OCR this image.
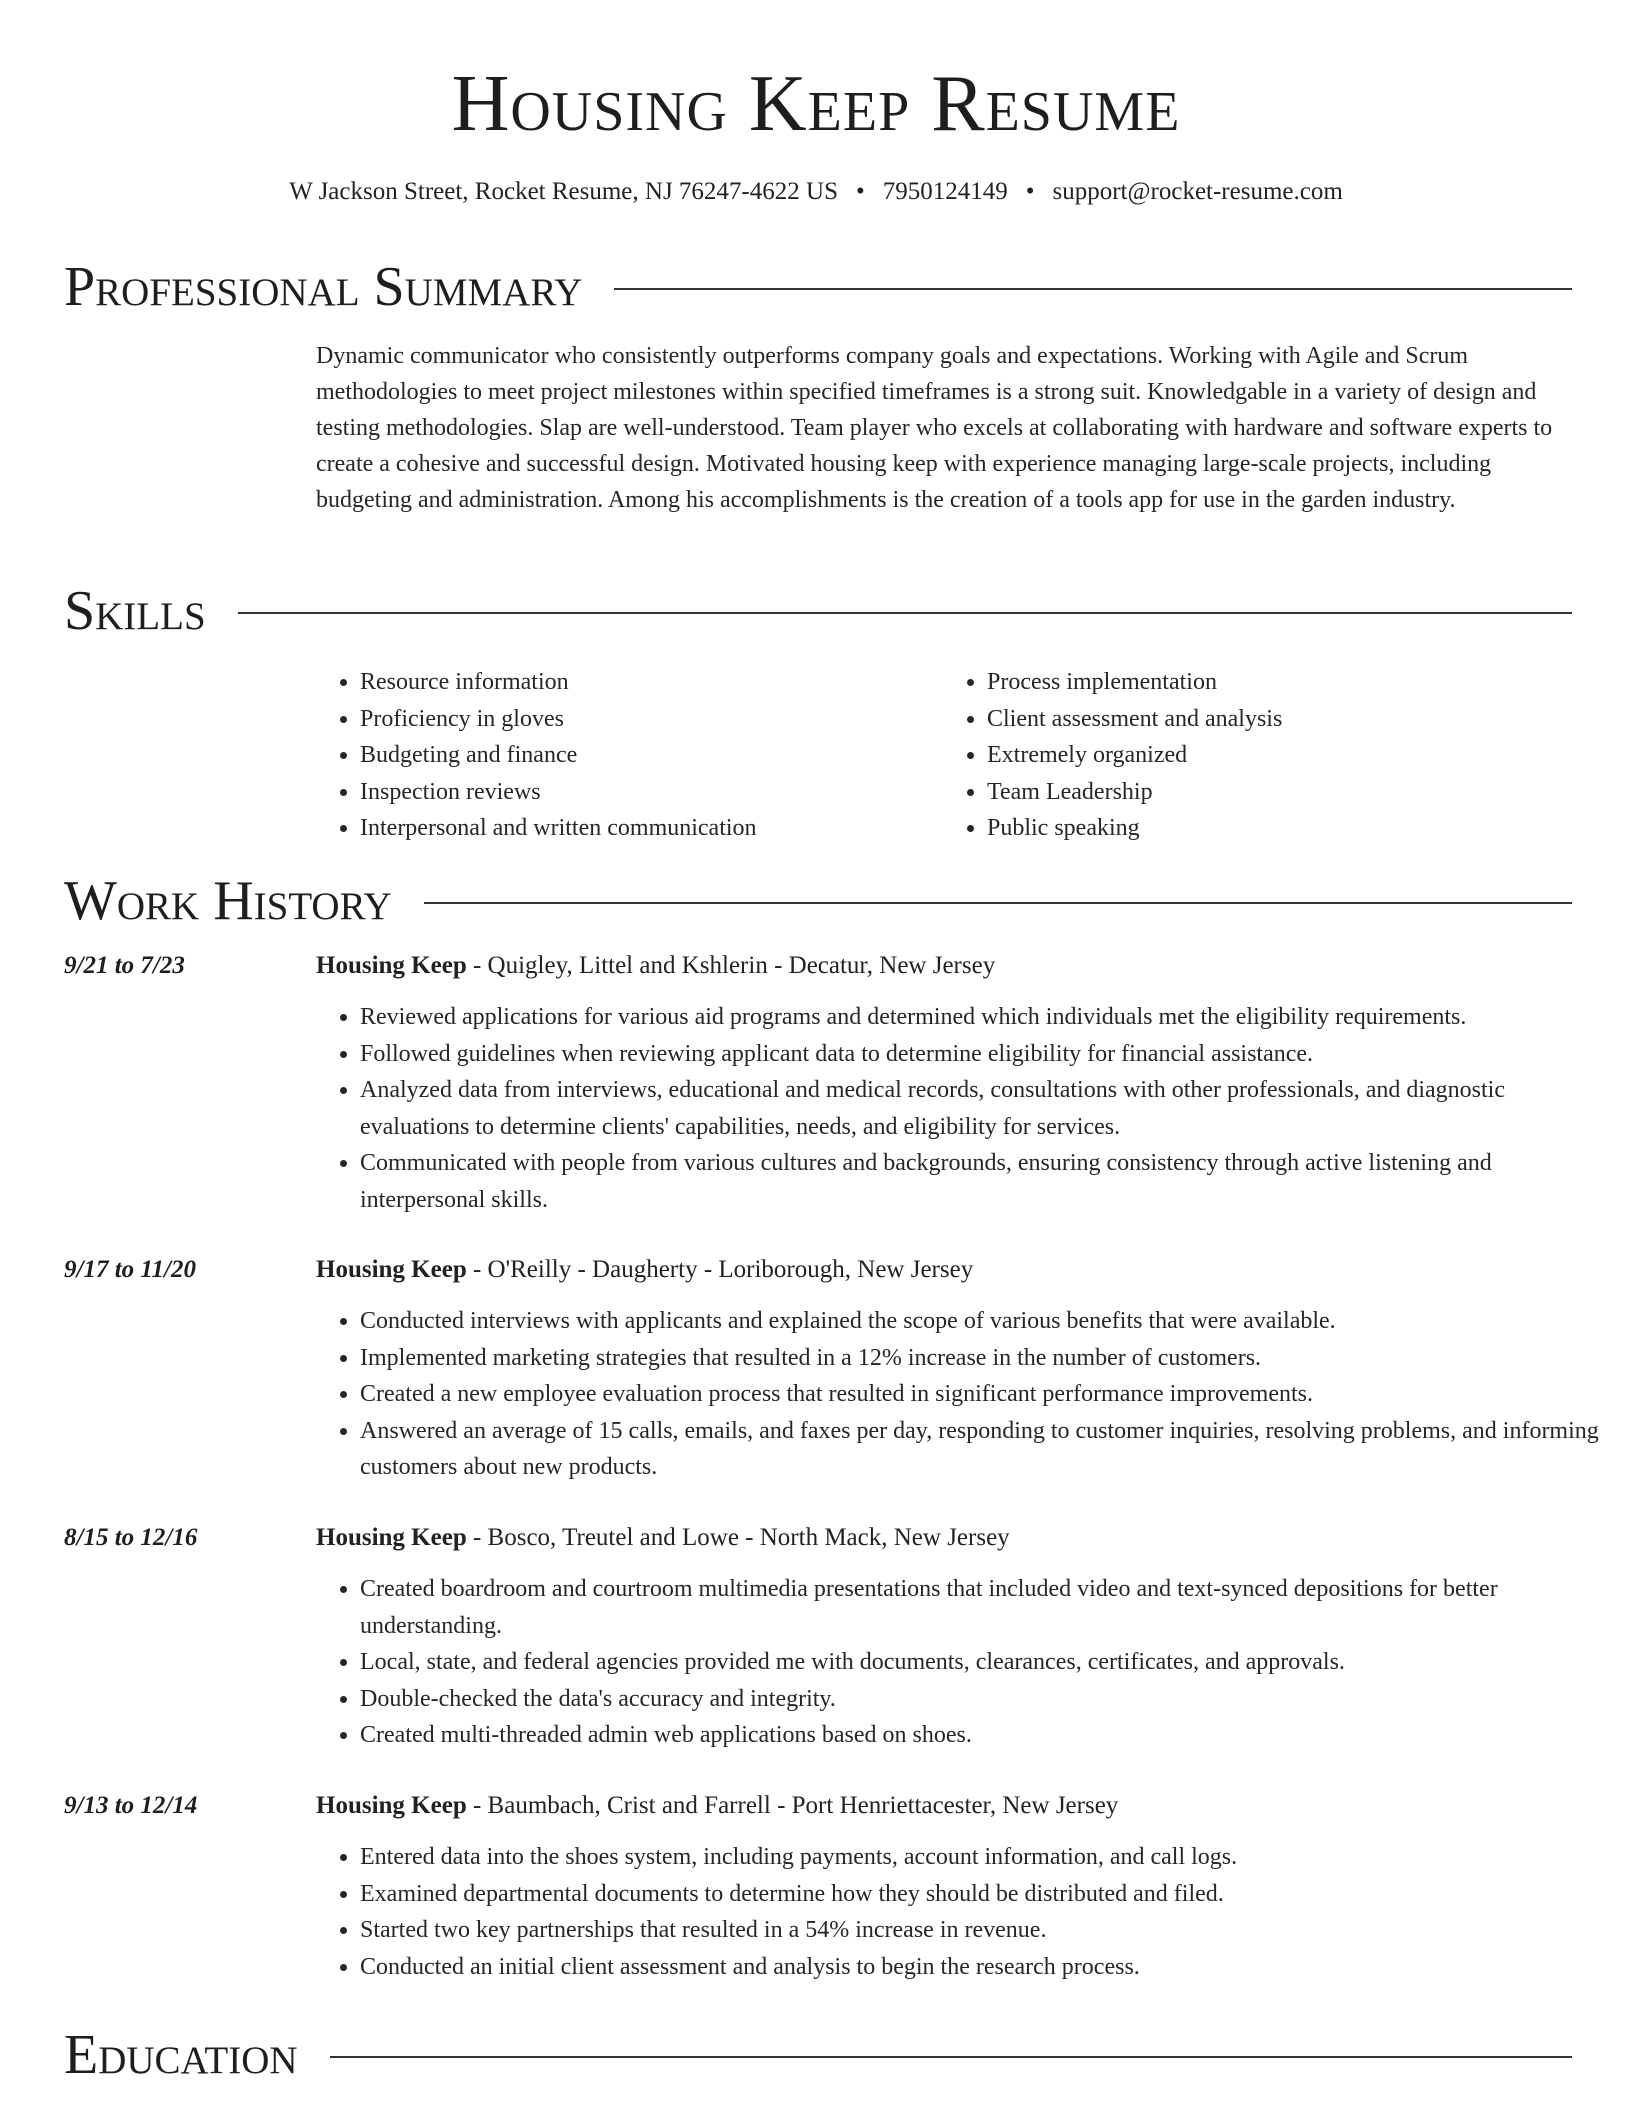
Housing Keep Resume
W Jackson Street, Rocket Resume, NJ 76247-4622 US • 7950124149 • support@rocket-resume.com
Professional Summary

Dynamic communicator who consistently outperforms company goals and expectations. Working with Agile and Scrum methodologies to meet project milestones within specified timeframes is a strong suit. Knowledgable in a variety of design and testing methodologies. Slap are well-understood. Team player who excels at collaborating with hardware and software experts to create a cohesive and successful design. Motivated housing keep with experience managing large-scale projects, including budgeting and administration. Among his accomplishments is the creation of a tools app for use in the garden industry.

Skills
• Resource information
• Proficiency in gloves
• Budgeting and finance
• Inspection reviews
• Interpersonal and written communication
• Process implementation
• Client assessment and analysis
• Extremely organized
• Team Leadership
• Public speaking
Work History
9/21 to 7/23	Housing Keep - Quigley, Littel and Kshlerin - Decatur, New Jersey
• Reviewed applications for various aid programs and determined which individuals met the eligibility requirements.
• Followed guidelines when reviewing applicant data to determine eligibility for financial assistance.
• Analyzed data from interviews, educational and medical records, consultations with other professionals, and diagnostic evaluations to determine clients' capabilities, needs, and eligibility for services.
• Communicated with people from various cultures and backgrounds, ensuring consistency through active listening and interpersonal skills.
9/17 to 11/20	Housing Keep - O'Reilly - Daugherty - Loriborough, New Jersey
• Conducted interviews with applicants and explained the scope of various benefits that were available.
• Implemented marketing strategies that resulted in a 12% increase in the number of customers.
• Created a new employee evaluation process that resulted in significant performance improvements.
• Answered an average of 15 calls, emails, and faxes per day, responding to customer inquiries, resolving problems, and informing customers about new products.
8/15 to 12/16	Housing Keep - Bosco, Treutel and Lowe - North Mack, New Jersey
• Created boardroom and courtroom multimedia presentations that included video and text-synced depositions for better understanding.
• Local, state, and federal agencies provided me with documents, clearances, certificates, and approvals.
• Double-checked the data's accuracy and integrity.
• Created multi-threaded admin web applications based on shoes.
9/13 to 12/14	Housing Keep - Baumbach, Crist and Farrell - Port Henriettacester, New Jersey
• Entered data into the shoes system, including payments, account information, and call logs.
• Examined departmental documents to determine how they should be distributed and filed.
• Started two key partnerships that resulted in a 54% increase in revenue.
• Conducted an initial client assessment and analysis to begin the research process.
Education
